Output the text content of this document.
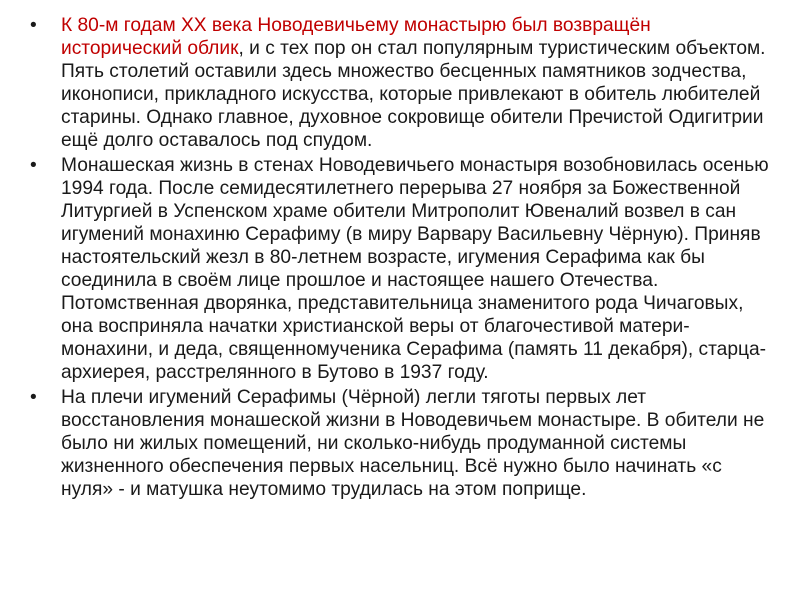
•	К 80-м годам XX века Новодевичьему монастырю был возвращён исторический облик, и с тех пор он стал популярным туристическим объектом. Пять столетий оставили здесь множество бесценных памятников зодчества, иконописи, прикладного искусства, которые привлекают в обитель любителей старины. Однако главное, духовное сокровище обители Пречистой Одигитрии ещё долго оставалось под спудом.
•	Монашеская жизнь в стенах Новодевичьего монастыря возобновилась осенью 1994 года. После семидесятилетнего перерыва 27 ноября за Божественной Литургией в Успенском храме обители Митрополит Ювеналий возвел в сан игумений монахиню Серафиму (в миру Варвару Васильевну Чёрную). Приняв настоятельский жезл в 80-летнем возрасте, игумения Серафима как бы соединила в своём лице прошлое и настоящее нашего Отечества. Потомственная дворянка, представительница знаменитого рода Чичаговых, она восприняла начатки христианской веры от благочестивой матери- монахини, и деда, священномученика Серафима (память 11 декабря), старца-архиерея, расстрелянного в Бутово в 1937 году.
•	На плечи игумений Серафимы (Чёрной) легли тяготы первых лет восстановления монашеской жизни в Новодевичьем монастыре. В обители не было ни жилых помещений, ни сколько-нибудь продуманной системы жизненного обеспечения первых насельниц. Всё нужно было начинать «с нуля» - и матушка неутомимо трудилась на этом поприще.
